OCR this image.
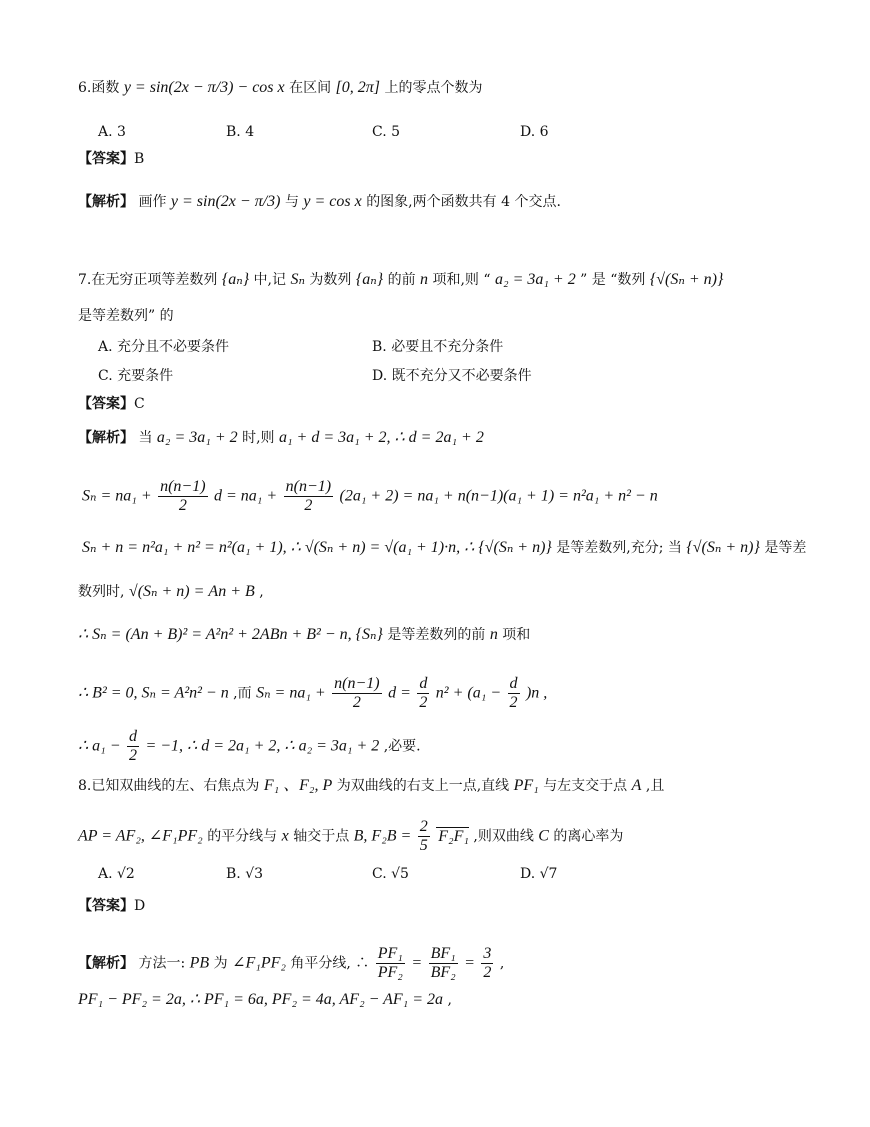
6.函数 y = sin(2x − π/3) − cos x 在区间 [0, 2π] 上的零点个数为
A. 3	B. 4	C. 5	D. 6
【答案】B
【解析】 画作 y = sin(2x − π/3) 与 y = cos x 的图象,两个函数共有 4 个交点.
7.在无穷正项等差数列 {aₙ} 中,记 Sₙ 为数列 {aₙ} 的前 n 项和,则 “ a₂ = 3a₁ + 2 ” 是 “数列 {√(Sₙ + n)}
是等差数列” 的
A. 充分且不必要条件	B. 必要且不充分条件
C. 充要条件	D. 既不充分又不必要条件
【答案】C
【解析】 当 a₂ = 3a₁ + 2 时,则 a₁ + d = 3a₁ + 2, ∴ d = 2a₁ + 2
$S_n = na_1 + \frac{n(n-1)}{2}$ $d = na_1 + \frac{n(n-1)}{2} (2a_1 + 2) = na_1 + n(n-1)(a_1 + 1) = n^2a_1 + n^2 - n$
Sₙ + n = n²a₁ + n² = n²(a₁ + 1), ∴ √(Sₙ + n) = √(a₁ + 1)·n, ∴ {√(Sₙ + n)} 是等差数列,充分; 当 {√(Sₙ + n)} 是等差
数列时, √(Sₙ + n) = An + B ,
∴ Sₙ = (An + B)² = A²n² + 2ABn + B² − n, {Sₙ} 是等差数列的前 n 项和
∴ B² = 0, Sₙ = A²n² − n ,而 $S_n = na_1 + \frac{n(n-1)}{2}$ $d = \frac{d}{2} n^2 + (a_1 - \frac{d}{2} )n$ ,
∴ $a_1 - \frac{d}{2} = -1$, ∴ d = 2a₁ + 2, ∴ a₂ = 3a₁ + 2 ,必要.
8.已知双曲线的左、右焦点为 F₁ 、F₂, P 为双曲线的右支上一点,直线 PF₁ 与左支交于点 A ,且
AP = AF₂, ∠F₁PF₂ 的平分线与 x 轴交于点 B, $F_2B = \frac{2}{5} F_2F_1$ ,则双曲线 C 的离心率为
A. √2	B. √3	C. √5	D. √7
【答案】D
【解析】 方法一: PB 为 ∠F₁PF₂ 角平分线, ∴ $\frac{\text{PF₁}}{\text{PF₂}} = \frac{\text{BF₁}}{\text{BF₂}} = \frac{3}{2}$ ,
PF₁ − PF₂ = 2a, ∴ PF₁ = 6a, PF₂ = 4a, AF₂ − AF₁ = 2a ,
